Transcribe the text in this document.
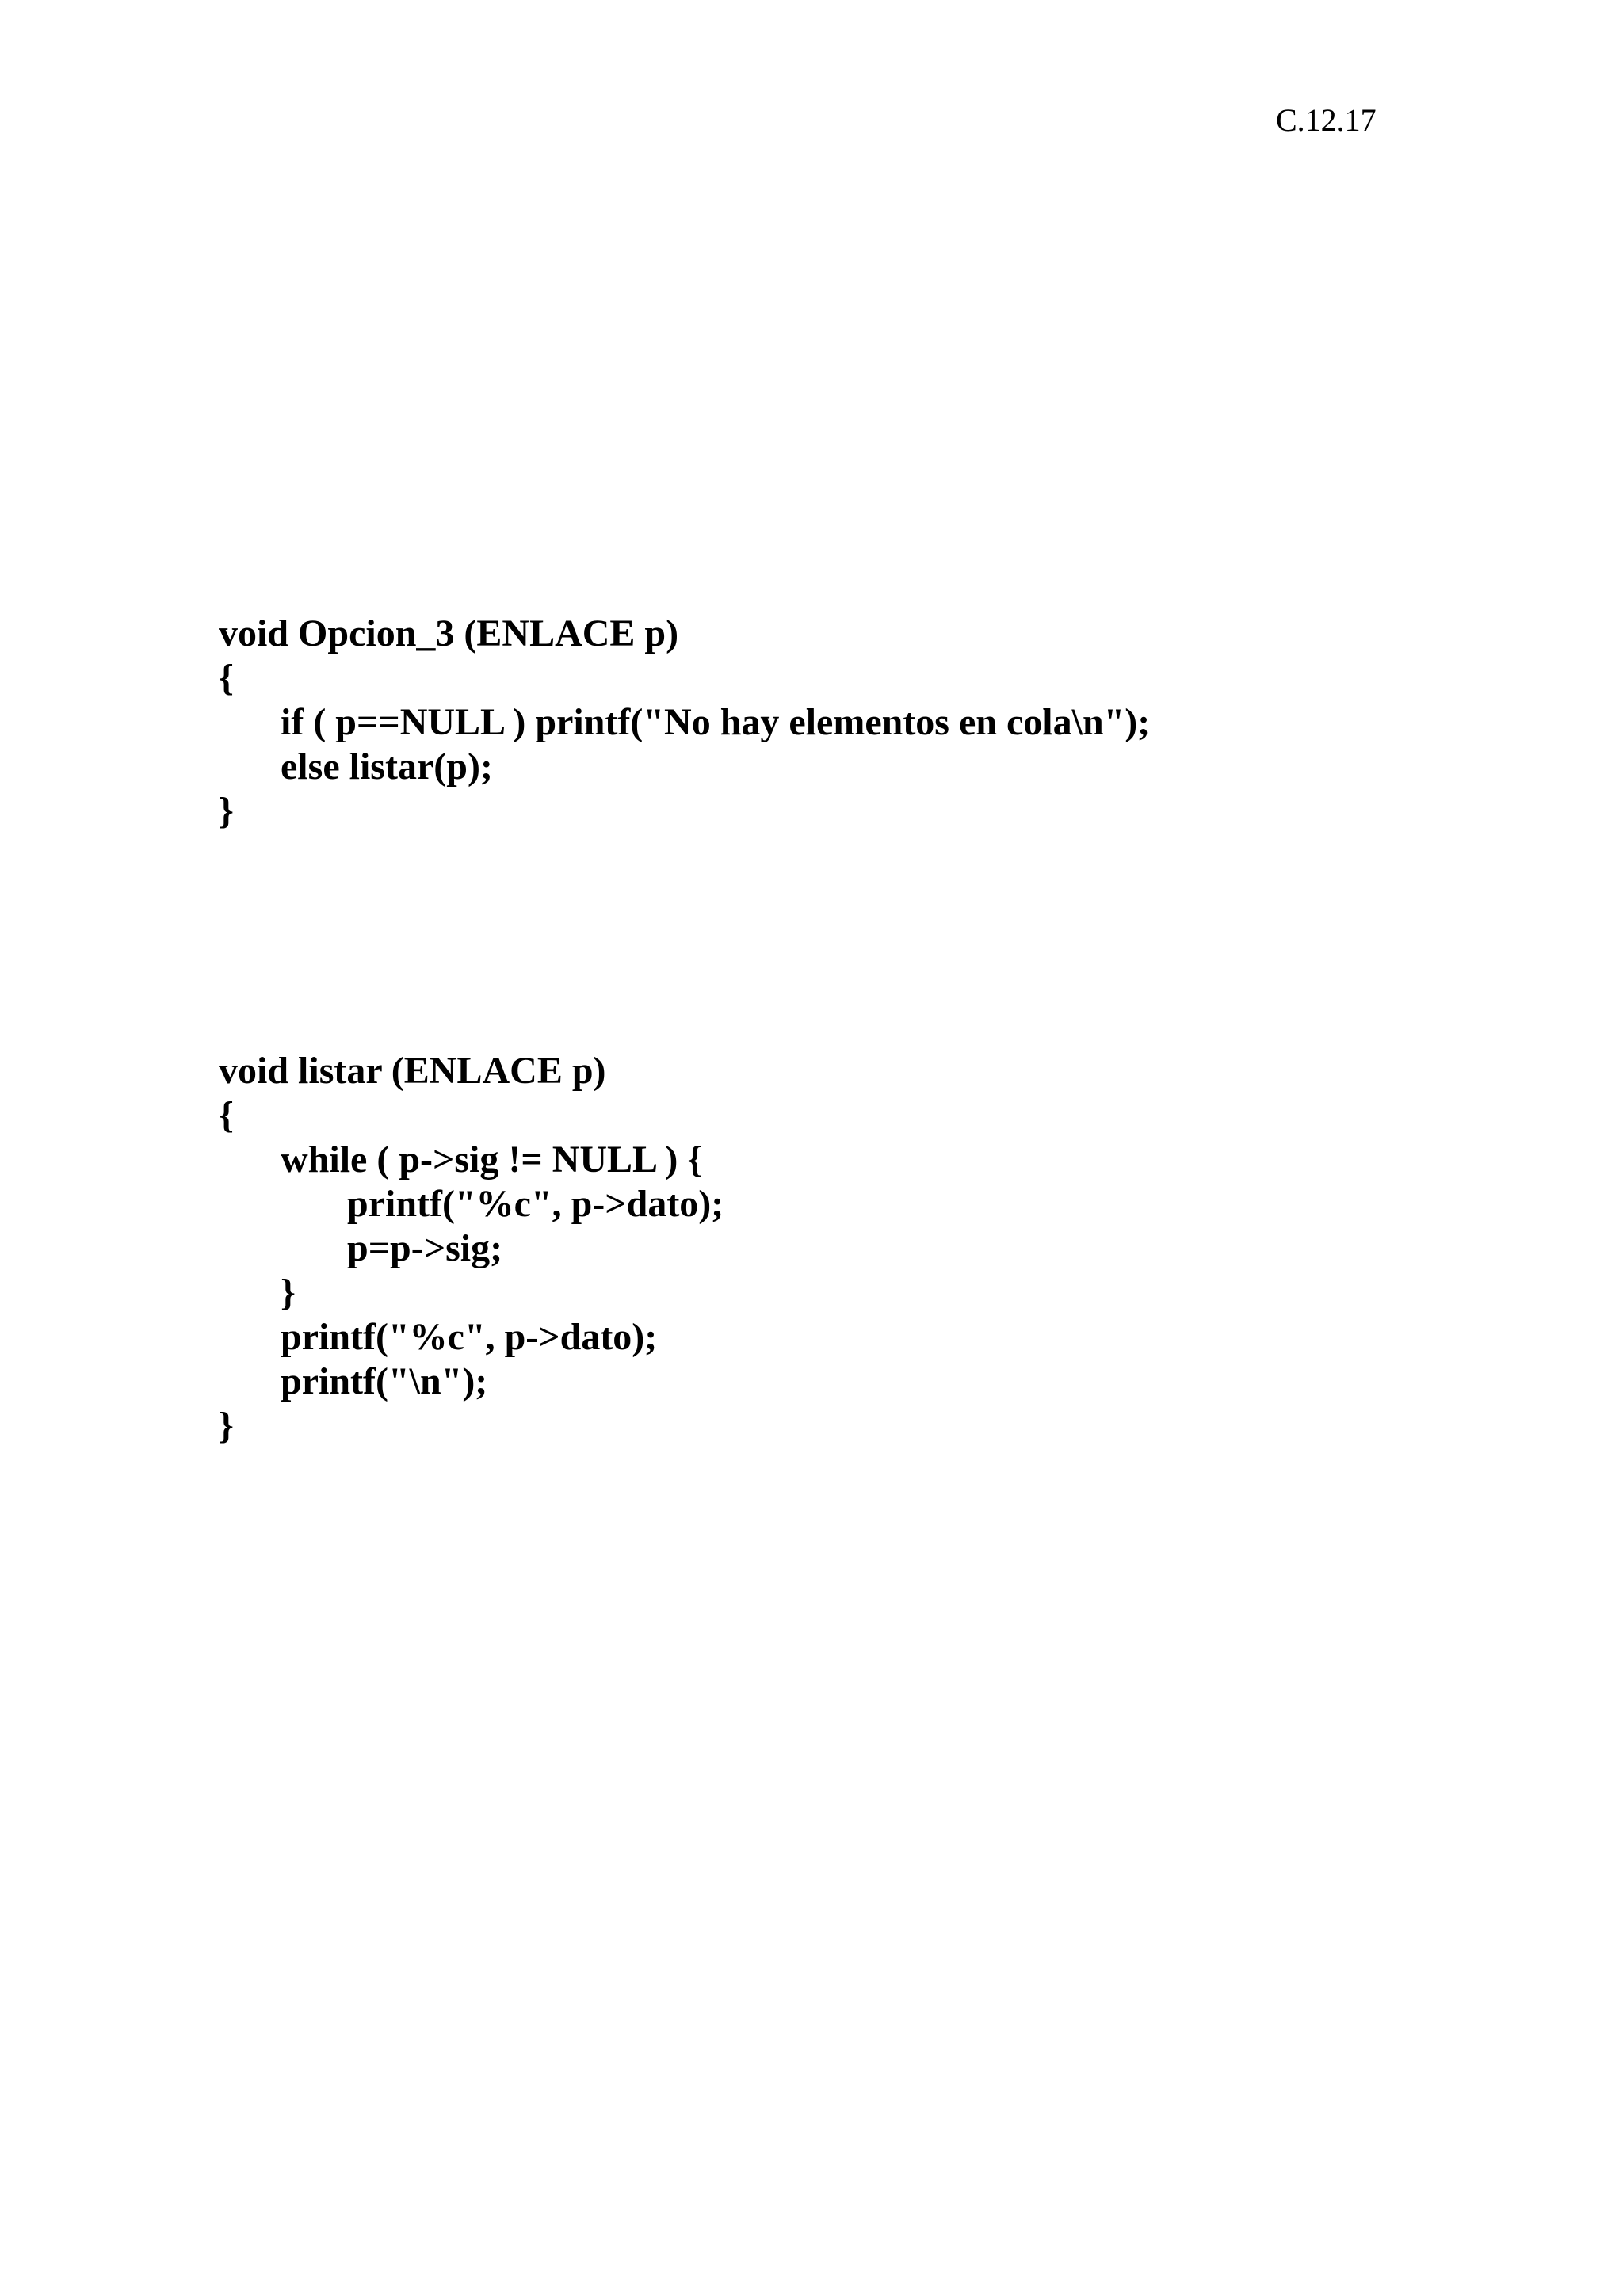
C.12.17
void Opcion_3 (ENLACE p)
{
if ( p==NULL ) printf("No hay elementos en cola\n");
else listar(p);
}
void listar (ENLACE p)
{
while ( p->sig != NULL ) {
printf("%c", p->dato);
p=p->sig;
}
printf("%c", p->dato);
printf("\n");
}
